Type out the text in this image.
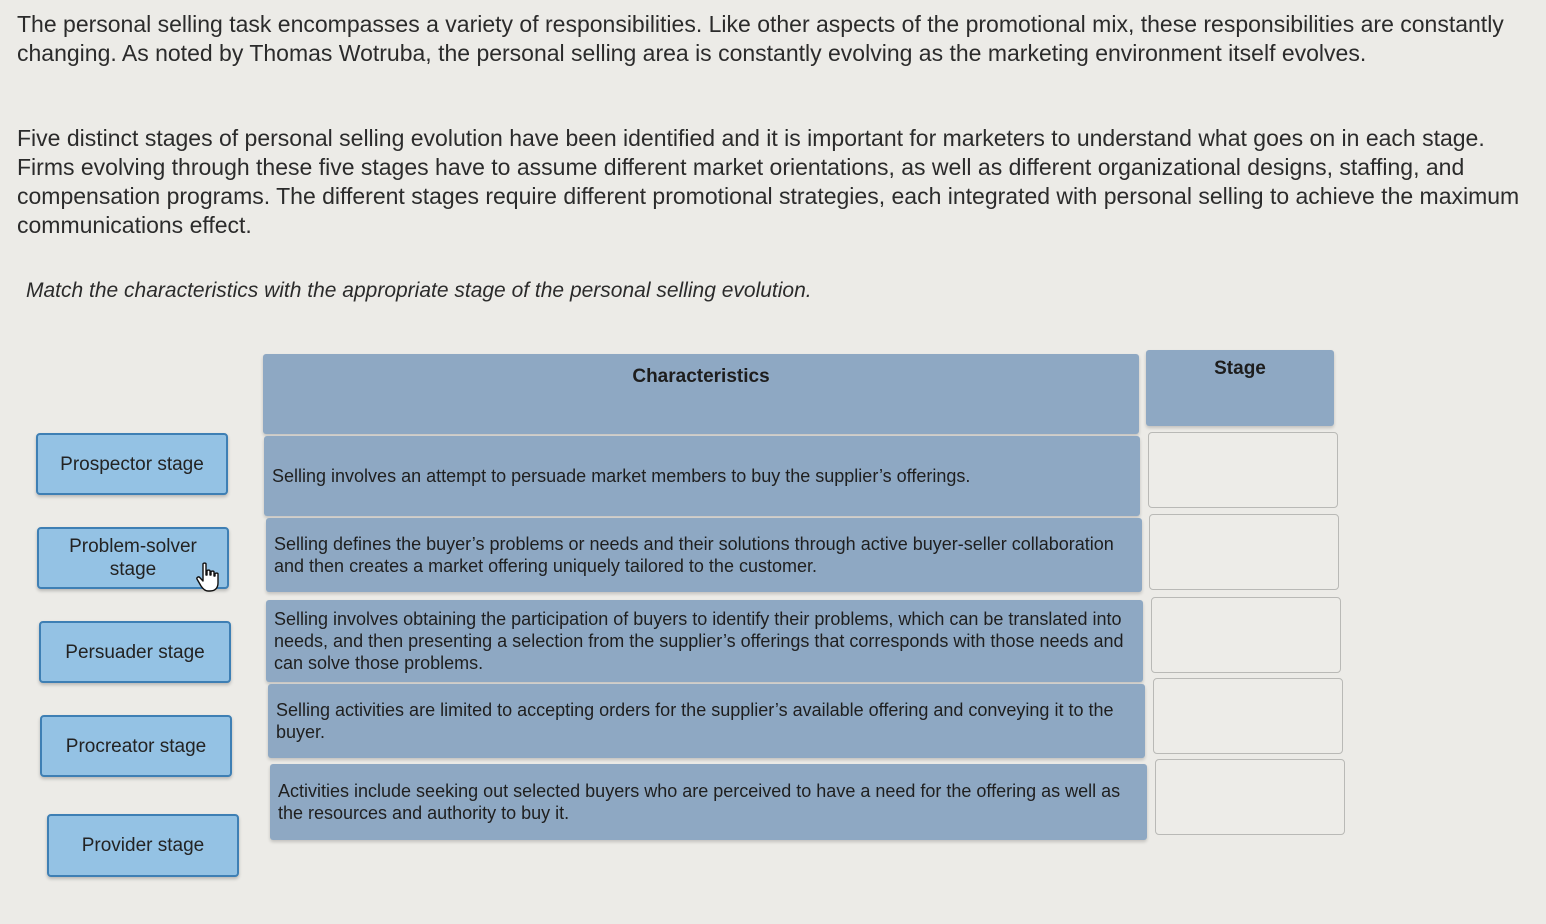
The personal selling task encompasses a variety of responsibilities. Like other aspects of the promotional mix, these responsibilities are constantly changing. As noted by Thomas Wotruba, the personal selling area is constantly evolving as the marketing environment itself evolves.

Five distinct stages of personal selling evolution have been identified and it is important for marketers to understand what goes on in each stage. Firms evolving through these five stages have to assume different market orientations, as well as different organizational designs, staffing, and compensation programs. The different stages require different promotional strategies, each integrated with personal selling to achieve the maximum communications effect.

Match the characteristics with the appropriate stage of the personal selling evolution.

Characteristics	Stage
Selling involves an attempt to persuade market members to buy the supplier’s offerings.
Selling defines the buyer’s problems or needs and their solutions through active buyer-seller collaboration and then creates a market offering uniquely tailored to the customer.
Selling involves obtaining the participation of buyers to identify their problems, which can be translated into needs, and then presenting a selection from the supplier’s offerings that corresponds with those needs and can solve those problems.
Selling activities are limited to accepting orders for the supplier’s available offering and conveying it to the buyer.
Activities include seeking out selected buyers who are perceived to have a need for the offering as well as the resources and authority to buy it.
Prospector stage
Problem-solver stage
Persuader stage
Procreator stage
Provider stage
